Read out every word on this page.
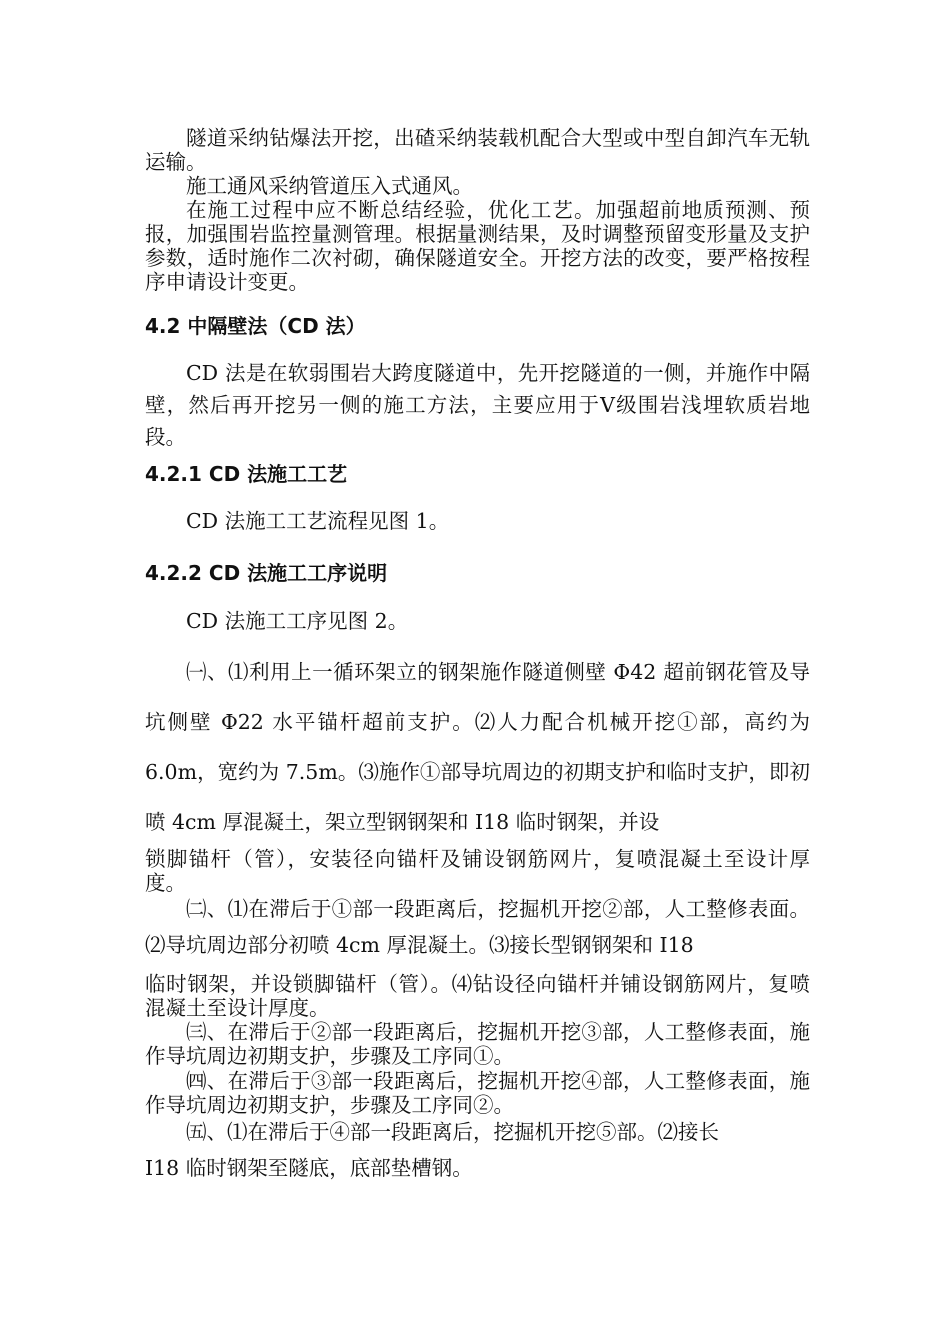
隧道采纳钻爆法开挖，出碴采纳装载机配合大型或中型自卸汽车无轨运输。

施工通风采纳管道压入式通风。

在施工过程中应不断总结经验，优化工艺。加强超前地质预测、预报，加强围岩监控量测管理。根据量测结果，及时调整预留变形量及支护参数，适时施作二次衬砌，确保隧道安全。开挖方法的改变，要严格按程序申请设计变更。

4.2 中隔壁法（CD 法）

CD 法是在软弱围岩大跨度隧道中，先开挖隧道的一侧，并施作中隔壁，然后再开挖另一侧的施工方法，主要应用于Ⅴ级围岩浅埋软质岩地段。

4.2.1 CD 法施工工艺

CD 法施工工艺流程见图 1。

4.2.2 CD 法施工工序说明

CD 法施工工序见图 2。

㈠、⑴利用上一循环架立的钢架施作隧道侧壁 Φ42 超前钢花管及导坑侧壁 Φ22 水平锚杆超前支护。⑵人力配合机械开挖①部，高约为 6.0m，宽约为 7.5m。⑶施作①部导坑周边的初期支护和临时支护，即初喷 4cm 厚混凝土，架立型钢钢架和 I18 临时钢架，并设

锁脚锚杆（管），安装径向锚杆及铺设钢筋网片，复喷混凝土至设计厚度。

㈡、⑴在滞后于①部一段距离后，挖掘机开挖②部，人工整修表面。⑵导坑周边部分初喷 4cm 厚混凝土。⑶接长型钢钢架和 I18

临时钢架，并设锁脚锚杆（管）。⑷钻设径向锚杆并铺设钢筋网片，复喷混凝土至设计厚度。

㈢、在滞后于②部一段距离后，挖掘机开挖③部，人工整修表面，施作导坑周边初期支护，步骤及工序同①。

㈣、在滞后于③部一段距离后，挖掘机开挖④部，人工整修表面，施作导坑周边初期支护，步骤及工序同②。

㈤、⑴在滞后于④部一段距离后，挖掘机开挖⑤部。⑵接长

I18 临时钢架至隧底，底部垫槽钢。
